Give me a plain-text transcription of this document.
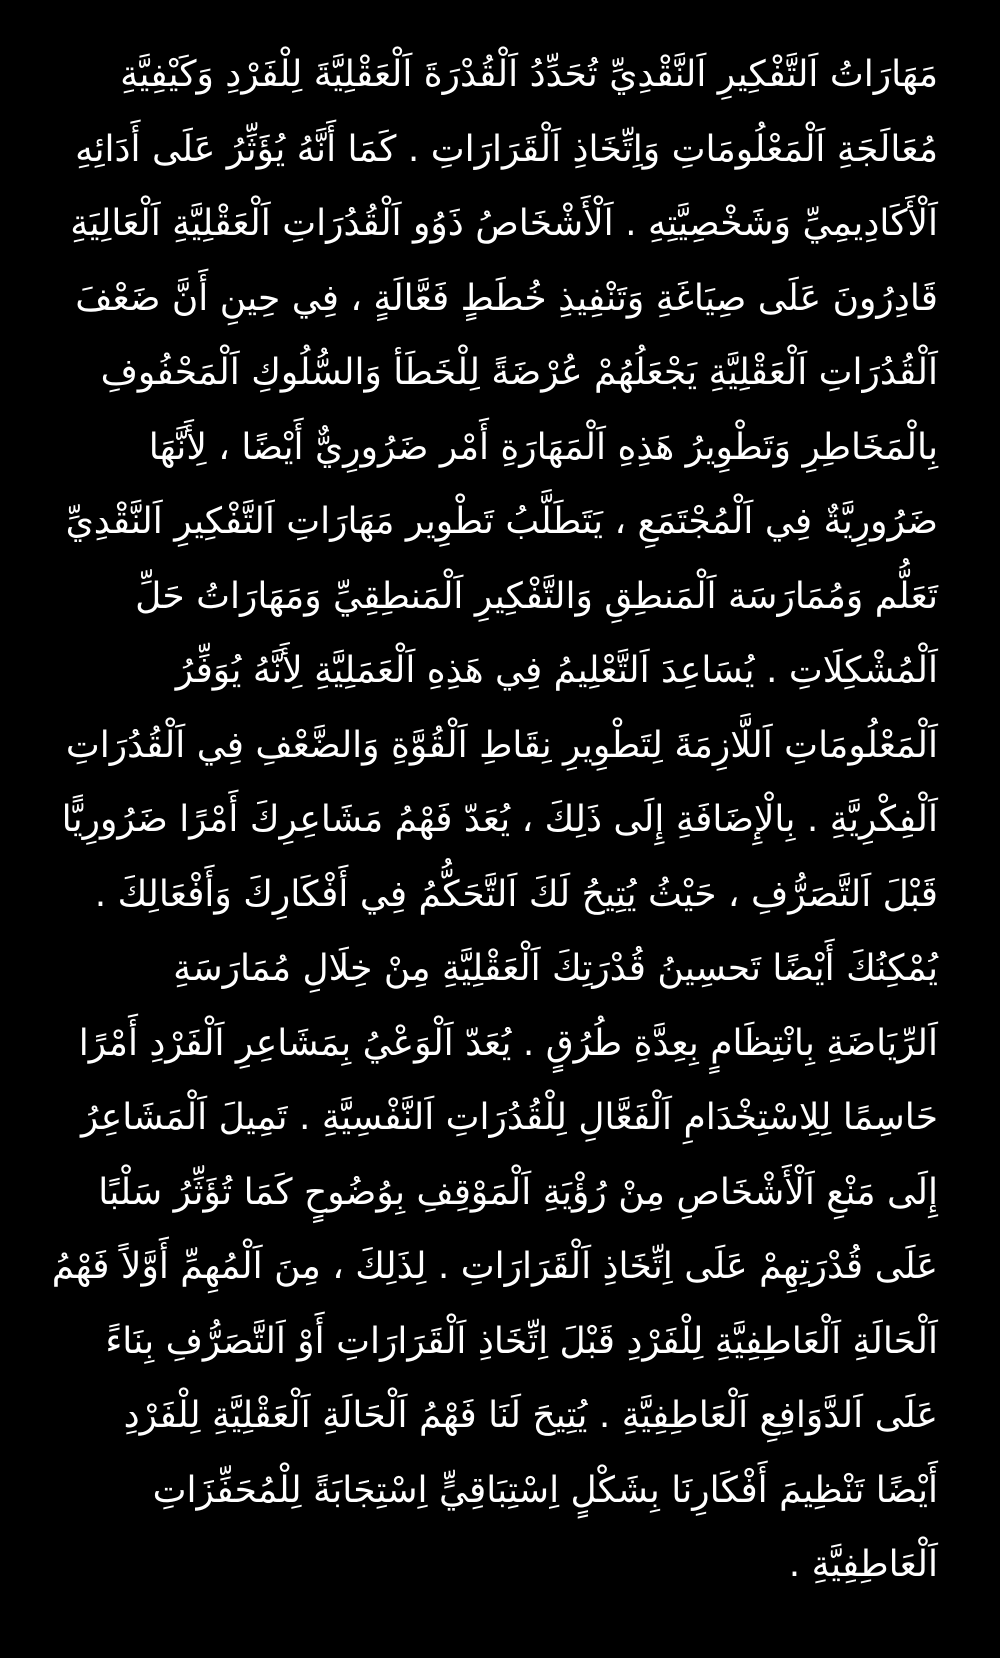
مَهَارَاتُ اَلتَّفْكِيرِ اَلنَّقْدِيِّ تُحَدِّدُ اَلْقُدْرَةَ اَلْعَقْلِيَّةَ لِلْفَرْدِ وَكَيْفِيَّةِ
مُعَالَجَةِ اَلْمَعْلُومَاتِ وَاِتِّخَاذِ اَلْقَرَارَاتِ . كَمَا أَنَّهُ يُؤَثِّرُ عَلَى أَدَائِهِ
اَلْأَكَادِيمِيِّ وَشَخْصِيَّتِهِ . اَلْأَشْخَاصُ ذَوُو اَلْقُدُرَاتِ اَلْعَقْلِيَّةِ اَلْعَالِيَةِ
قَادِرُونَ عَلَى صِيَاغَةِ وَتَنْفِيذِ خُطَطٍ فَعَّالَةٍ ، فِي حِينِ أَنَّ ضَعْفَ
اَلْقُدُرَاتِ اَلْعَقْلِيَّةِ يَجْعَلُهُمْ عُرْضَةً لِلْخَطَأ وَالسُّلُوكِ اَلْمَحْفُوفِ
بِالْمَخَاطِرِ وَتَطْوِيرُ هَذِهِ اَلْمَهَارَةِ أَمْر ضَرُورِيٌّ أَيْضًا ، لِأَنَّهَا
ضَرُورِيَّةٌ فِي اَلْمُجْتَمَعِ ، يَتَطَلَّبُ تَطْوِير مَهَارَاتِ اَلتَّفْكِيرِ اَلنَّقْدِيِّ
تَعَلُّم وَمُمَارَسَة اَلْمَنطِقِ وَالتَّفْكِيرِ اَلْمَنطِقِيِّ وَمَهَارَاتُ حَلِّ
اَلْمُشْكِلَاتِ . يُسَاعِدَ اَلتَّعْلِيمُ فِي هَذِهِ اَلْعَمَلِيَّةِ لِأَنَّهُ يُوَفِّرُ
اَلْمَعْلُومَاتِ اَللَّازِمَةَ لِتَطْوِيرِ نِقَاطِ اَلْقُوَّةِ وَالضَّعْفِ فِي اَلْقُدُرَاتِ
اَلْفِكْرِيَّةِ . بِالْإِضَافَةِ إِلَى ذَلِكَ ، يُعَدّ فَهْمُ مَشَاعِرِكَ أَمْرًا ضَرُورِيًّا
قَبْلَ اَلتَّصَرُّفِ ، حَيْثُ يُتِيحُ لَكَ اَلتَّحَكُّمُ فِي أَفْكَارِكَ وَأَفْعَالِكَ .
يُمْكِنُكَ أَيْضًا تَحسِينُ قُدْرَتِكَ اَلْعَقْلِيَّةِ مِنْ خِلَالِ مُمَارَسَةِ
اَلرِّيَاضَةِ بِانْتِظَامٍ بِعِدَّةِ طُرُقٍ . يُعَدّ اَلْوَعْيُ بِمَشَاعِرِ اَلْفَرْدِ أَمْرًا
حَاسِمًا لِلِاسْتِخْدَامِ اَلْفَعَّالِ لِلْقُدُرَاتِ اَلنَّفْسِيَّةِ . تَمِيلَ اَلْمَشَاعِرُ
إِلَى مَنْعِ اَلْأَشْخَاصِ مِنْ رُؤْيَةِ اَلْمَوْقِفِ بِوُضُوحٍ كَمَا تُؤَثِّرُ سَلْبًا
عَلَى قُدْرَتِهِمْ عَلَى اِتِّخَاذِ اَلْقَرَارَاتِ . لِذَلِكَ ، مِنَ اَلْمُهِمِّ أَوَّلاً فَهْمُ
اَلْحَالَةِ اَلْعَاطِفِيَّةِ لِلْفَرْدِ قَبْلَ اِتِّخَاذِ اَلْقَرَارَاتِ أَوْ اَلتَّصَرُّفِ بِنَاءً
عَلَى اَلدَّوَافِعِ اَلْعَاطِفِيَّةِ . يُتِيحَ لَنَا فَهْمُ اَلْحَالَةِ اَلْعَقْلِيَّةِ لِلْفَرْدِ
أَيْضًا تَنْظِيمَ أَفْكَارِنَا بِشَكْلٍ اِسْتِبَاقِيٍّ اِسْتِجَابَةً لِلْمُحَفِّزَاتِ
اَلْعَاطِفِيَّةِ .
